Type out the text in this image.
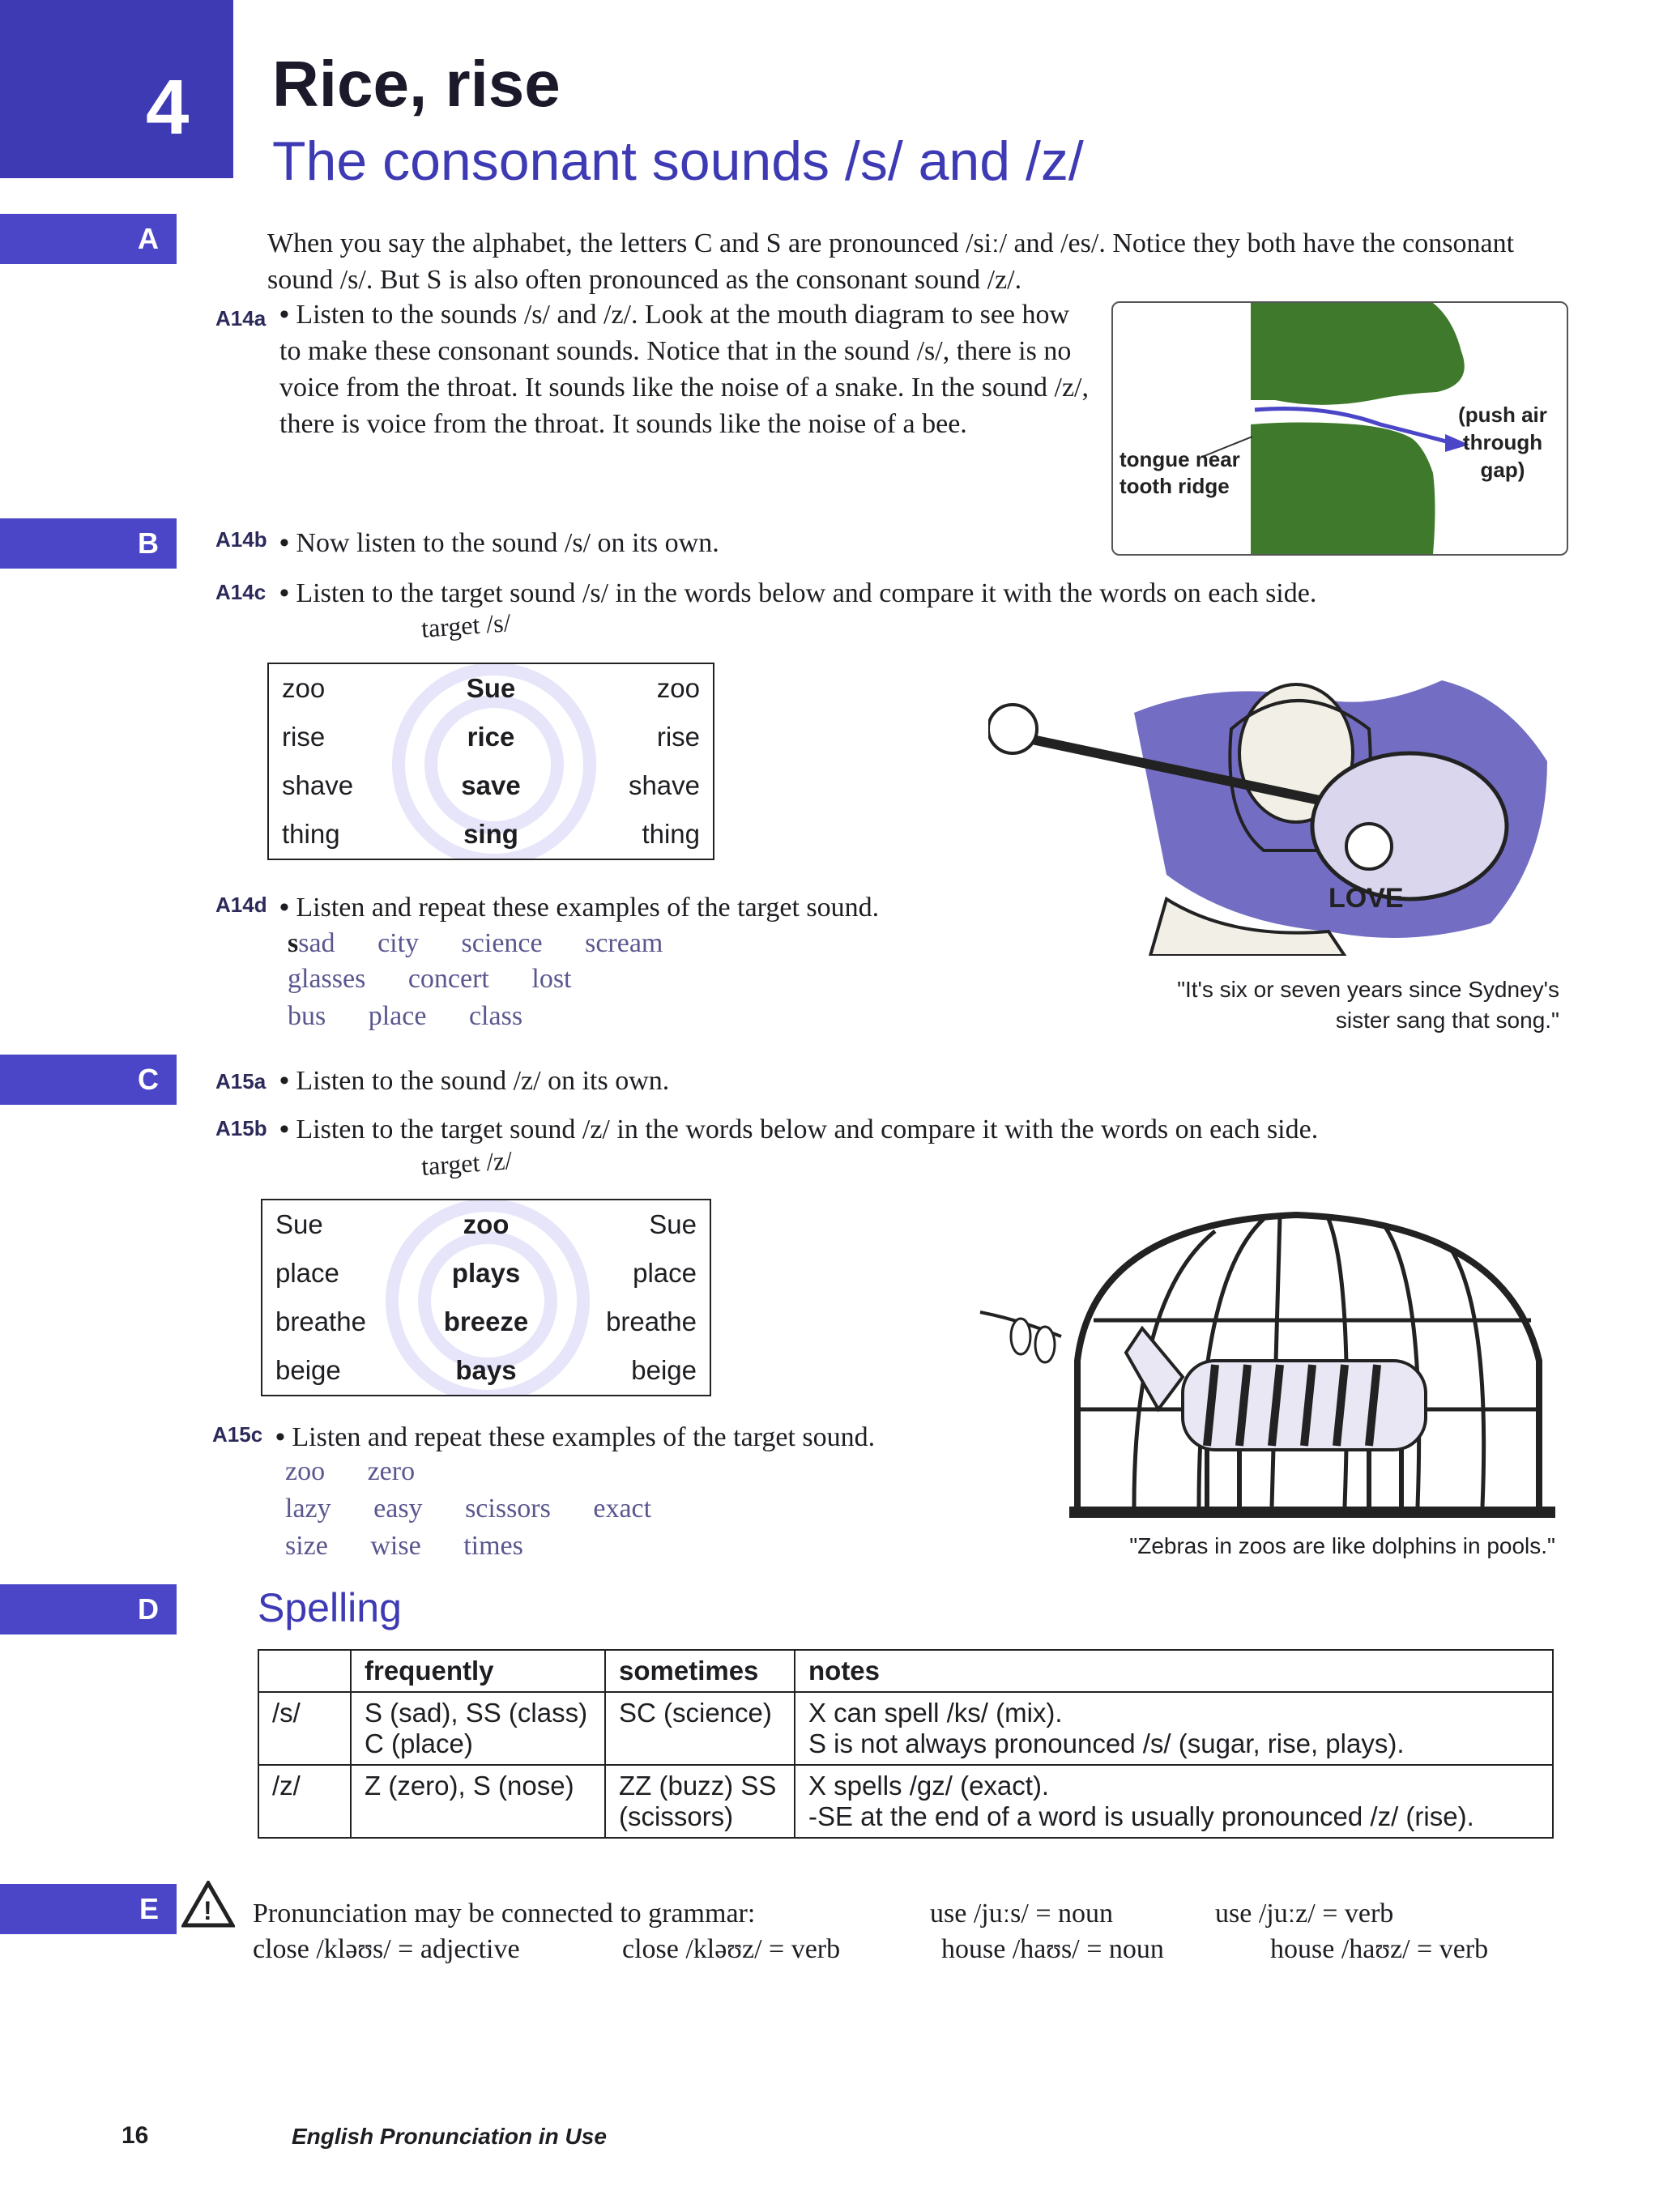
4 Rice, rise
The consonant sounds /s/ and /z/
A	When you say the alphabet, the letters C and S are pronounced /siː/ and /es/. Notice they both have the consonant sound /s/. But S is also often pronounced as the consonant sound /z/.
A14a	• Listen to the sounds /s/ and /z/. Look at the mouth diagram to see how to make these consonant sounds. Notice that in the sound /s/, there is no voice from the throat. It sounds like the noise of a snake. In the sound /z/, there is voice from the throat. It sounds like the noise of a bee.
tongue near tooth ridge
(push air through gap)
B	A14b	• Now listen to the sound /s/ on its own.
A14c	• Listen to the target sound /s/ in the words below and compare it with the words on each side.
target /s/
zoo	Sue	zoo
rise	rice	rise
shave	save	shave
thing	sing	thing
A14d	• Listen and repeat these examples of the target sound.
ssad city science scream
glasses concert lost
bus place class
LOVE
"It's six or seven years since Sydney's sister sang that song."
C	A15a	• Listen to the sound /z/ on its own.
A15b	• Listen to the target sound /z/ in the words below and compare it with the words on each side.
target /z/
Sue	zoo	Sue
place	plays	place
breathe	breeze	breathe
beige	bays	beige
A15c	• Listen and repeat these examples of the target sound.
zoo zero
lazy easy scissors exact
size wise times	"Zebras in zoos are like dolphins in pools."
D	Spelling
	frequently	sometimes	notes
/s/	S (sad), SS (class) C (place)	SC (science)	X can spell /ks/ (mix).
S is not always pronounced /s/ (sugar, rise, plays).

/z/	Z (zero), S (nose)	ZZ (buzz) SS (scissors)	X spells /gz/ (exact).
-SE at the end of a word is usually pronounced /z/ (rise).
E	! Pronunciation may be connected to grammar:	use /juːs/ = noun	use /juːz/ = verb
close /kləʊs/ = adjective	close /kləʊz/ = verb	house /haʊs/ = noun	house /haʊz/ = verb
16	English Pronunciation in Use
